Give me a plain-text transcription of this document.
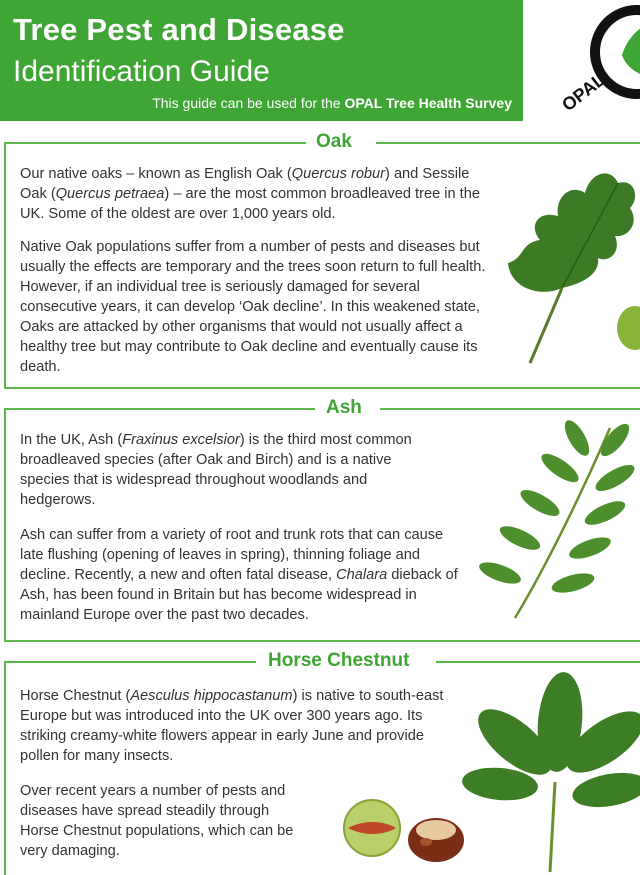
Tree Pest and Disease
Identification Guide
This guide can be used for the OPAL Tree Health Survey	OPAL
Oak
Our native oaks – known as English Oak (Quercus robur) and Sessile Oak (Quercus petraea) – are the most common broadleaved tree in the UK. Some of the oldest are over 1,000 years old.
Native Oak populations suffer from a number of pests and diseases but usually the effects are temporary and the trees soon return to full health. However, if an individual tree is seriously damaged for several consecutive years, it can develop ‘Oak decline’. In this weakened state, Oaks are attacked by other organisms that would not usually affect a healthy tree but may contribute to Oak decline and eventually cause its death.
Ash
In the UK, Ash (Fraxinus excelsior) is the third most common broadleaved species (after Oak and Birch) and is a native species that is widespread throughout woodlands and hedgerows.
Ash can suffer from a variety of root and trunk rots that can cause late flushing (opening of leaves in spring), thinning foliage and decline. Recently, a new and often fatal disease, Chalara dieback of Ash, has been found in Britain but has become widespread in mainland Europe over the past two decades.
Horse Chestnut
Horse Chestnut (Aesculus hippocastanum) is native to south-east Europe but was introduced into the UK over 300 years ago. Its striking creamy-white flowers appear in early June and provide pollen for many insects.
Over recent years a number of pests and diseases have spread steadily through Horse Chestnut populations, which can be very damaging.
